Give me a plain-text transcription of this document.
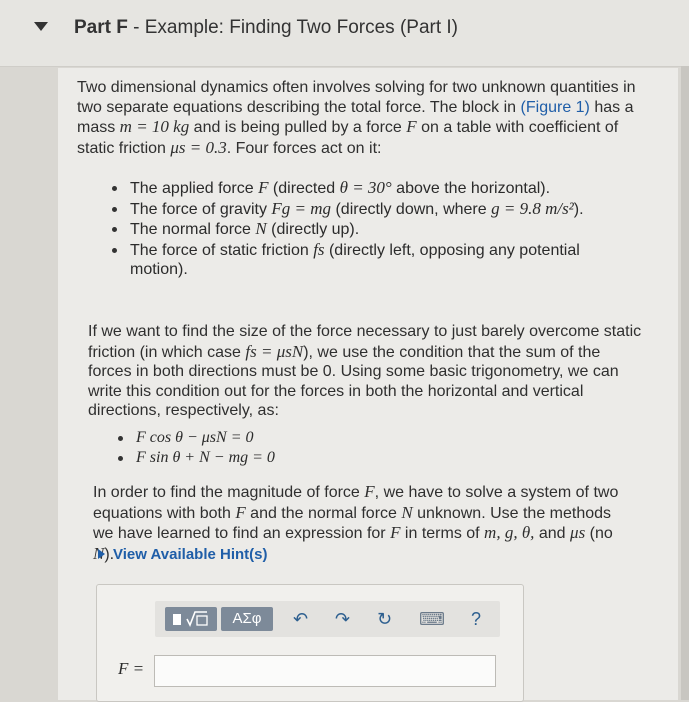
Part F - Example: Finding Two Forces (Part I)
Two dimensional dynamics often involves solving for two unknown quantities in two separate equations describing the total force. The block in (Figure 1) has a mass m = 10 kg and is being pulled by a force F on a table with coefficient of static friction μs = 0.3. Four forces act on it:
The applied force F (directed θ = 30° above the horizontal).
The force of gravity Fg = mg (directly down, where g = 9.8 m/s²).
The normal force N (directly up).
The force of static friction fs (directly left, opposing any potential motion).
If we want to find the size of the force necessary to just barely overcome static friction (in which case fs = μsN), we use the condition that the sum of the forces in both directions must be 0. Using some basic trigonometry, we can write this condition out for the forces in both the horizontal and vertical directions, respectively, as:
F cos θ − μsN = 0
F sin θ + N − mg = 0
In order to find the magnitude of force F, we have to solve a system of two equations with both F and the normal force N unknown. Use the methods we have learned to find an expression for F in terms of m, g, θ, and μs (no N).
View Available Hint(s)
ΑΣφ	↶ ↷ ↻ ⌨ ?
F =
